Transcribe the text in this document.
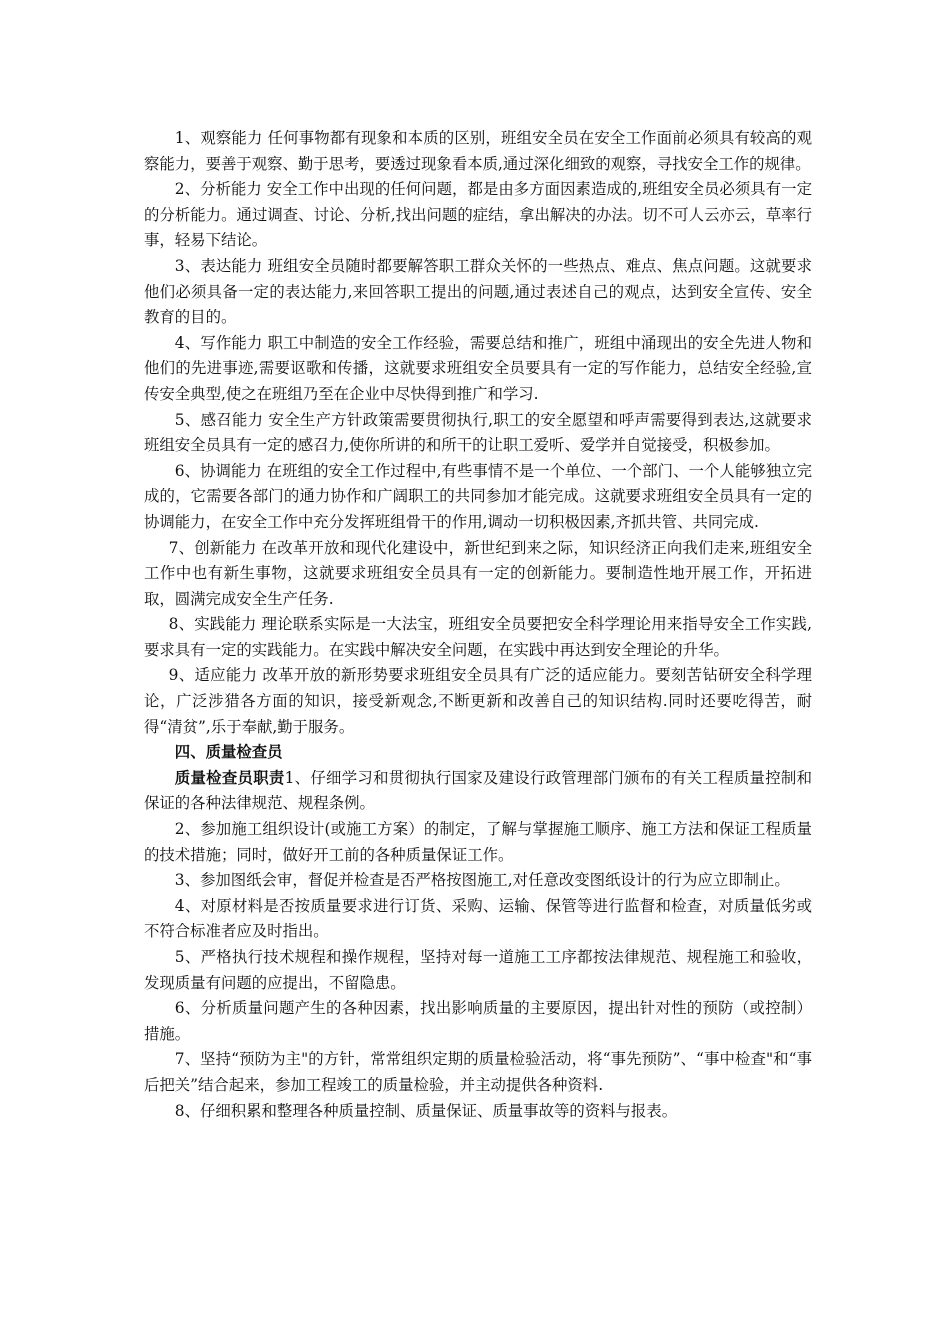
1、观察能力 任何事物都有现象和本质的区别，班组安全员在安全工作面前必须具有较高的观察能力，要善于观察、勤于思考，要透过现象看本质,通过深化细致的观察，寻找安全工作的规律。

2、分析能力 安全工作中出现的任何问题，都是由多方面因素造成的,班组安全员必须具有一定的分析能力。通过调查、讨论、分析,找出问题的症结，拿出解决的办法。切不可人云亦云，草率行事，轻易下结论。

3、表达能力 班组安全员随时都要解答职工群众关怀的一些热点、难点、焦点问题。这就要求他们必须具备一定的表达能力,来回答职工提出的问题,通过表述自己的观点，达到安全宣传、安全教育的目的。

4、写作能力 职工中制造的安全工作经验，需要总结和推广，班组中涌现出的安全先进人物和他们的先进事迹,需要讴歌和传播，这就要求班组安全员要具有一定的写作能力，总结安全经验,宣传安全典型,使之在班组乃至在企业中尽快得到推广和学习.

5、感召能力 安全生产方针政策需要贯彻执行,职工的安全愿望和呼声需要得到表达,这就要求班组安全员具有一定的感召力,使你所讲的和所干的让职工爱听、爱学并自觉接受，积极参加。

6、协调能力 在班组的安全工作过程中,有些事情不是一个单位、一个部门、一个人能够独立完成的，它需要各部门的通力协作和广阔职工的共同参加才能完成。这就要求班组安全员具有一定的协调能力，在安全工作中充分发挥班组骨干的作用,调动一切积极因素,齐抓共管、共同完成.

7、创新能力 在改革开放和现代化建设中，新世纪到来之际，知识经济正向我们走来,班组安全工作中也有新生事物，这就要求班组安全员具有一定的创新能力。要制造性地开展工作，开拓进取，圆满完成安全生产任务.

8、实践能力 理论联系实际是一大法宝，班组安全员要把安全科学理论用来指导安全工作实践,要求具有一定的实践能力。在实践中解决安全问题，在实践中再达到安全理论的升华。

9、适应能力 改革开放的新形势要求班组安全员具有广泛的适应能力。要刻苦钻研安全科学理论，广泛涉猎各方面的知识，接受新观念,不断更新和改善自己的知识结构.同时还要吃得苦，耐得“清贫”,乐于奉献,勤于服务。

四、质量检查员

质量检查员职责1、仔细学习和贯彻执行国家及建设行政管理部门颁布的有关工程质量控制和保证的各种法律规范、规程条例。

2、参加施工组织设计(或施工方案）的制定，了解与掌握施工顺序、施工方法和保证工程质量的技术措施；同时，做好开工前的各种质量保证工作。

3、参加图纸会审，督促并检查是否严格按图施工,对任意改变图纸设计的行为应立即制止。

4、对原材料是否按质量要求进行订货、采购、运输、保管等进行监督和检查，对质量低劣或不符合标准者应及时指出。

5、严格执行技术规程和操作规程，坚持对每一道施工工序都按法律规范、规程施工和验收，发现质量有问题的应提出，不留隐患。

6、分析质量问题产生的各种因素，找出影响质量的主要原因，提出针对性的预防（或控制）措施。

7、坚持“预防为主"的方针，常常组织定期的质量检验活动，将“事先预防”、“事中检查"和“事后把关”结合起来，参加工程竣工的质量检验，并主动提供各种资料.

8、仔细积累和整理各种质量控制、质量保证、质量事故等的资料与报表。
